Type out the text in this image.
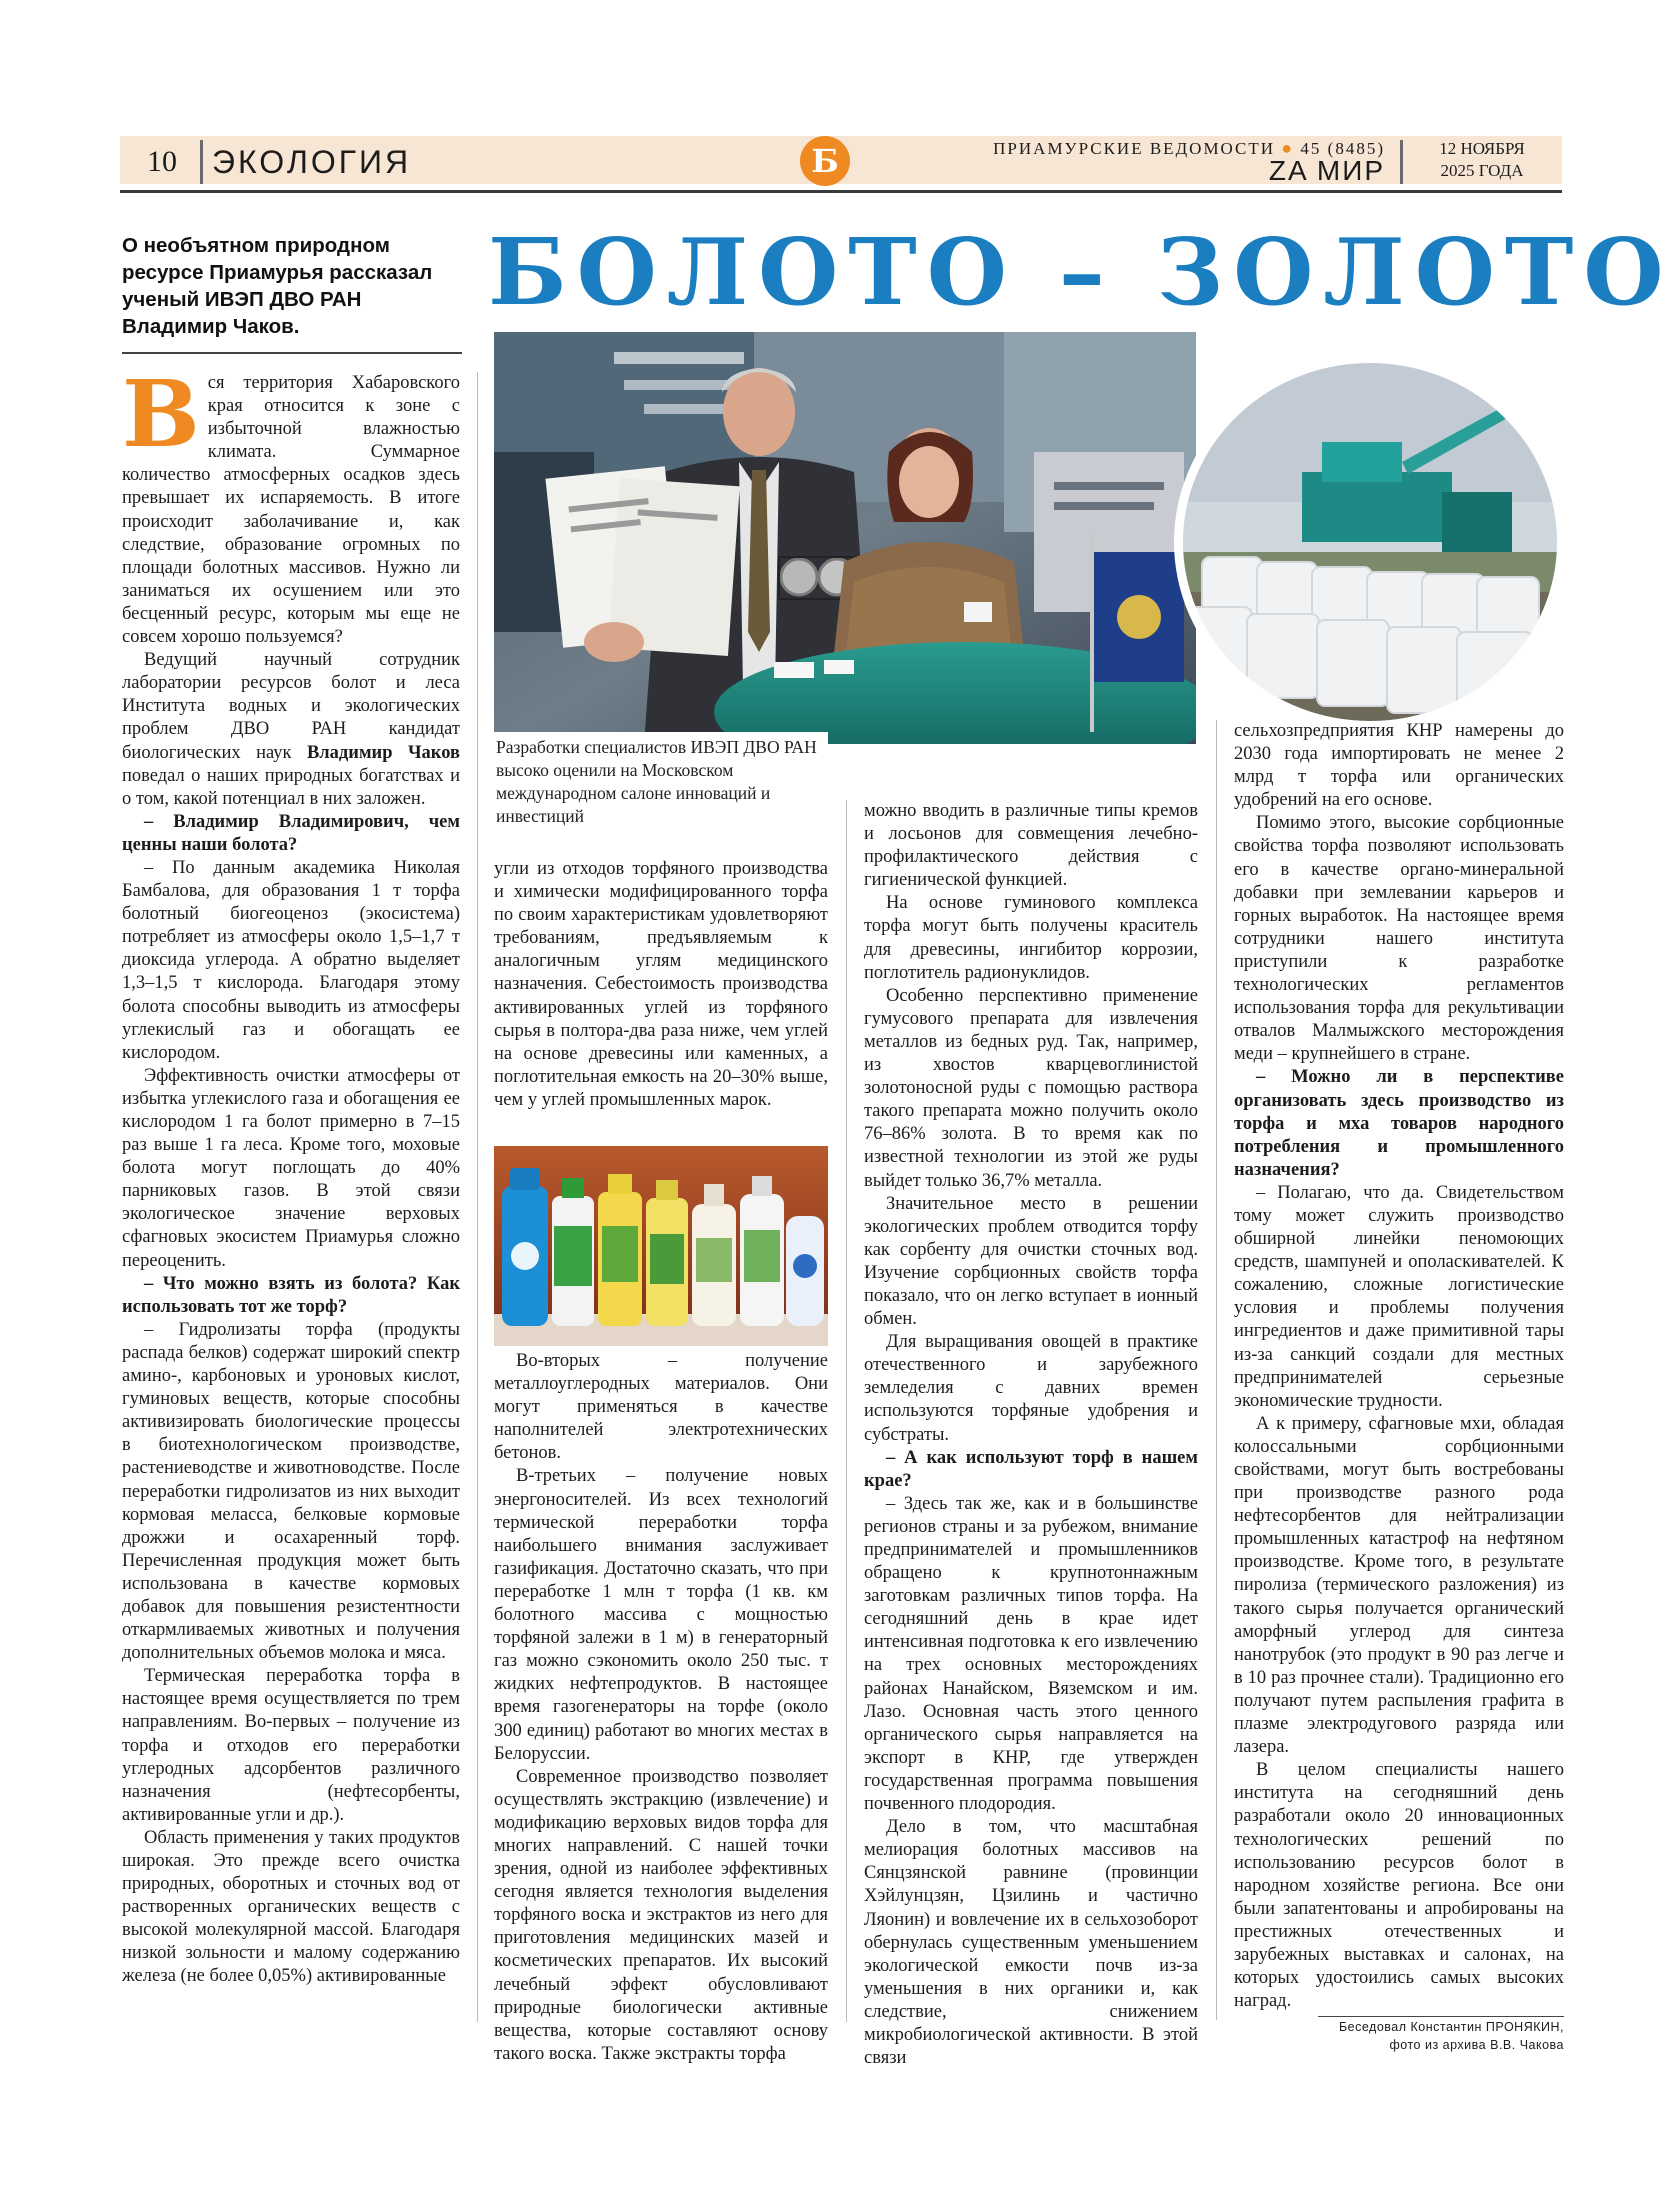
10	ЭКОЛОГИЯ	Б	ПРИАМУРСКИЕ ВЕДОМОСТИ ● 45 (8485)
ZA МИР
12 НОЯБРЯ
2025 ГОДА
О необъятном природном ресурсе Приамурья рассказал ученый ИВЭП ДВО РАН Владимир Чаков.
БОЛОТО – ЗОЛОТО
Разработки специалистов ИВЭП ДВО РАН высоко оценили на Московском международном салоне инноваций и инвестиций

Вся территория Хабаровского края относится к зоне с избыточной влажностью климата. Суммарное количество атмосферных осадков здесь превышает их испаряемость. В итоге происходит заболачивание и, как следствие, образование огромных по площади болотных массивов. Нужно ли заниматься их осушением или это бесценный ресурс, которым мы еще не совсем хорошо пользуемся?

Ведущий научный сотрудник лаборатории ресурсов болот и леса Института водных и экологических проблем ДВО РАН кандидат биологических наук Владимир Чаков поведал о наших природных богатствах и о том, какой потенциал в них заложен.

– Владимир Владимирович, чем ценны наши болота?

– По данным академика Николая Бамбалова, для образования 1 т торфа болотный биогеоценоз (экосистема) потребляет из атмосферы около 1,5–1,7 т диоксида углерода. А обратно выделяет 1,3–1,5 т кислорода. Благодаря этому болота способны выводить из атмосферы углекислый газ и обогащать ее кислородом.

Эффективность очистки атмосферы от избытка углекислого газа и обогащения ее кислородом 1 га болот примерно в 7–15 раз выше 1 га леса. Кроме того, моховые болота могут поглощать до 40% парниковых газов. В этой связи экологическое значение верховых сфагновых экосистем Приамурья сложно переоценить.

– Что можно взять из болота? Как использовать тот же торф?

– Гидролизаты торфа (продукты распада белков) содержат широкий спектр амино-, карбоновых и уроновых кислот, гуминовых веществ, которые способны активизировать биологические процессы в биотехнологическом производстве, растениеводстве и животноводстве. После переработки гидролизатов из них выходит кормовая меласса, белковые кормовые дрожжи и осахаренный торф. Перечисленная продукция может быть использована в качестве кормовых добавок для повышения резистентности откармливаемых животных и получения дополнительных объемов молока и мяса.

Термическая переработка торфа в настоящее время осуществляется по трем направлениям. Во-первых – получение из торфа и отходов его переработки углеродных адсорбентов различного назначения (нефтесорбенты, активированные угли и др.).

Область применения у таких продуктов широкая. Это прежде всего очистка природных, оборотных и сточных вод от растворенных органических веществ с высокой молекулярной массой. Благодаря низкой зольности и малому содержанию железа (не более 0,05%) активированные

угли из отходов торфяного производства и химически модифицированного торфа по своим характеристикам удовлетворяют требованиям, предъявляемым к аналогичным углям медицинского назначения. Себестоимость производства активированных углей из торфяного сырья в полтора-два раза ниже, чем углей на основе древесины или каменных, а поглотительная емкость на 20–30% выше, чем у углей промышленных марок.

Во-вторых – получение металлоуглеродных материалов. Они могут применяться в качестве наполнителей электротехнических бетонов.

В-третьих – получение новых энергоносителей. Из всех технологий термической переработки торфа наибольшего внимания заслуживает газификация. Достаточно сказать, что при переработке 1 млн т торфа (1 кв. км болотного массива с мощностью торфяной залежи в 1 м) в генераторный газ можно сэкономить около 250 тыс. т жидких нефтепродуктов. В настоящее время газогенераторы на торфе (около 300 единиц) работают во многих местах в Белоруссии.

Современное производство позволяет осуществлять экстракцию (извлечение) и модификацию верховых видов торфа для многих направлений. С нашей точки зрения, одной из наиболее эффективных сегодня является технология выделения торфяного воска и экстрактов из него для приготовления медицинских мазей и косметических препаратов. Их высокий лечебный эффект обусловливают природные биологически активные вещества, которые составляют основу такого воска. Также экстракты торфа

можно вводить в различные типы кремов и лосьонов для совмещения лечебно-профилактического действия с гигиенической функцией.

На основе гуминового комплекса торфа могут быть получены краситель для древесины, ингибитор коррозии, поглотитель радионуклидов.

Особенно перспективно применение гумусового препарата для извлечения металлов из бедных руд. Так, например, из хвостов кварцевоглинистой золотоносной руды с помощью раствора такого препарата можно получить около 76–86% золота. В то время как по известной технологии из этой же руды выйдет только 36,7% металла.

Значительное место в решении экологических проблем отводится торфу как сорбенту для очистки сточных вод. Изучение сорбционных свойств торфа показало, что он легко вступает в ионный обмен.

Для выращивания овощей в практике отечественного и зарубежного земледелия с давних времен используются торфяные удобрения и субстраты.

– А как используют торф в нашем крае?

– Здесь так же, как и в большинстве регионов страны и за рубежом, внимание предпринимателей и промышленников обращено к крупнотоннажным заготовкам различных типов торфа. На сегодняшний день в крае идет интенсивная подготовка к его извлечению на трех основных месторождениях районах Нанайском, Вяземском и им. Лазо. Основная часть этого ценного органического сырья направляется на экспорт в КНР, где утвержден государственная программа повышения почвенного плодородия.

Дело в том, что масштабная мелиорация болотных массивов на Сянцзянской равнине (провинции Хэйлунцзян, Цзилинь и частично Ляонин) и вовлечение их в сельхозоборот обернулась существенным уменьшением экологической емкости почв из-за уменьшения в них органики и, как следствие, снижением микробиологической активности. В этой связи

сельхозпредприятия КНР намерены до 2030 года импортировать не менее 2 млрд т торфа или органических удобрений на его основе.

Помимо этого, высокие сорбционные свойства торфа позволяют использовать его в качестве органо-минеральной добавки при землевании карьеров и горных выработок. На настоящее время сотрудники нашего института приступили к разработке технологических регламентов использования торфа для рекультивации отвалов Малмыжского месторождения меди – крупнейшего в стране.

– Можно ли в перспективе организовать здесь производство из торфа и мха товаров народного потребления и промышленного назначения?

– Полагаю, что да. Свидетельством тому может служить производство обширной линейки пеномоющих средств, шампуней и ополаскивателей. К сожалению, сложные логистические условия и проблемы получения ингредиентов и даже примитивной тары из-за санкций создали для местных предпринимателей серьезные экономические трудности.

А к примеру, сфагновые мхи, обладая колоссальными сорбционными свойствами, могут быть востребованы при производстве разного рода нефтесорбентов для нейтрализации промышленных катастроф на нефтяном производстве. Кроме того, в результате пиролиза (термического разложения) из такого сырья получается органический аморфный углерод для синтеза нанотрубок (это продукт в 90 раз легче и в 10 раз прочнее стали). Традиционно его получают путем распыления графита в плазме электродугового разряда или лазера.

В целом специалисты нашего института на сегодняшний день разработали около 20 инновационных технологических решений по использованию ресурсов болот в народном хозяйстве региона. Все они были запатентованы и апробированы на престижных отечественных и зарубежных выставках и салонах, на которых удостоились самых высоких наград.

Беседовал Константин ПРОНЯКИН,
фото из архива В.В. Чакова
